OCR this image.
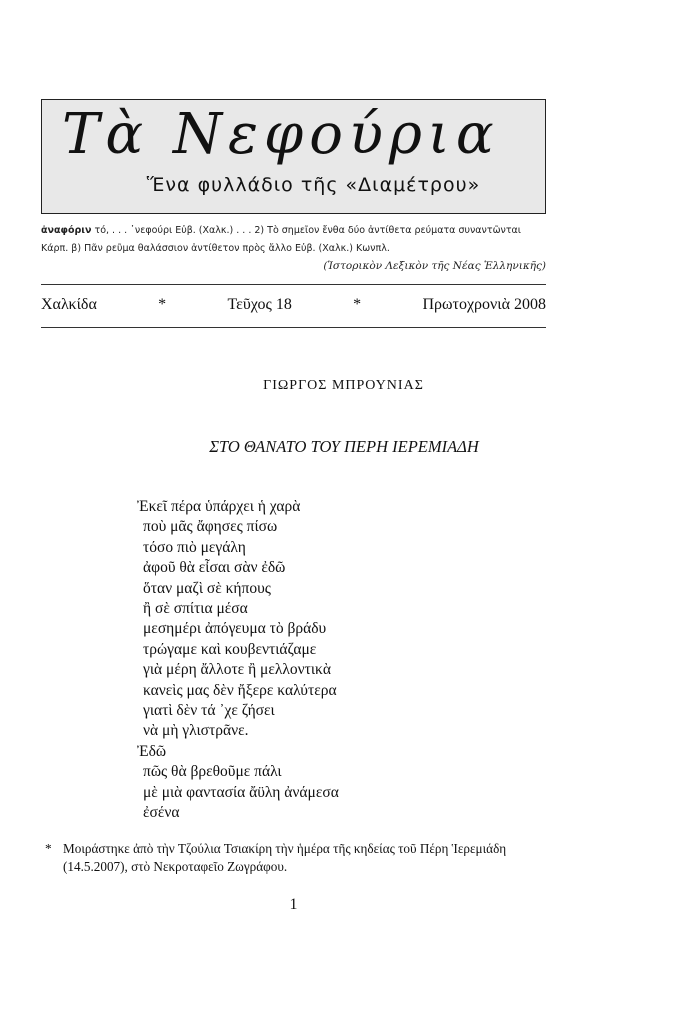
Τὰ Νεφούρια
Ἕνα φυλλάδιο τῆς «Διαμέτρου»
ἀναφόριν τό, . . . ᾽νεφούρι Εὐβ. (Χαλκ.) . . . 2) Τὸ σημεῖον ἔνθα δύο ἀντίθετα ρεύματα συναντῶνται
Κάρπ. β) Πᾶν ρεῦμα θαλάσσιον ἀντίθετον πρὸς ἄλλο Εὐβ. (Χαλκ.) Κωνπλ.
(Ἱστορικὸν Λεξικὸν τῆς Νέας Ἑλληνικῆς)
Χαλκίδα	*	Τεῦχος 18	*	Πρωτοχρονιὰ 2008
ΓΙΩΡΓΟΣ ΜΠΡΟΥΝΙΑΣ
ΣΤΟ ΘΑΝΑΤΟ ΤΟΥ ΠΕΡΗ ΙΕΡΕΜΙΑΔΗ
Ἐκεῖ πέρα ὑπάρχει ἡ χαρὰ
ποὺ μᾶς ἄφησες πίσω
τόσο πιὸ μεγάλη
ἀφοῦ θὰ εἶσαι σὰν ἐδῶ
ὅταν μαζὶ σὲ κήπους
ἢ σὲ σπίτια μέσα
μεσημέρι ἀπόγευμα τὸ βράδυ
τρώγαμε καὶ κουβεντιάζαμε
γιὰ μέρη ἄλλοτε ἢ μελλοντικὰ
κανεὶς μας δὲν ἤξερε καλύτερα
γιατὶ δὲν τά ᾽χε ζήσει
νὰ μὴ γλιστρᾶνε.
Ἐδῶ
πῶς θὰ βρεθοῦμε πάλι
μὲ μιὰ φαντασία ἄϋλη ἀνάμεσα
ἐσένα
* Μοιράστηκε ἀπὸ τὴν Τζούλια Τσιακίρη τὴν ἡμέρα τῆς κηδείας τοῦ Πέρη Ἱερεμιάδη (14.5.2007), στὸ Νεκροταφεῖο Ζωγράφου.
1
